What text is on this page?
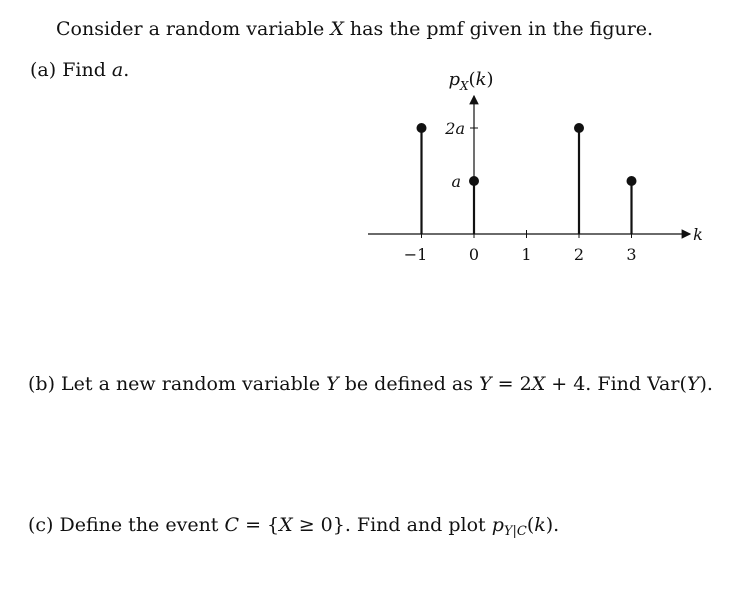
Consider a random variable X has the pmf given in the figure.
(a) Find a.	$p_X(k)$
2a
a
k
−1	0	1	2	3
(b) Let a new random variable Y be defined as Y = 2X + 4. Find Var(Y).
(c) Define the event C = {X ≥ 0}. Find and plot $p_{Y|C}(k)$.
